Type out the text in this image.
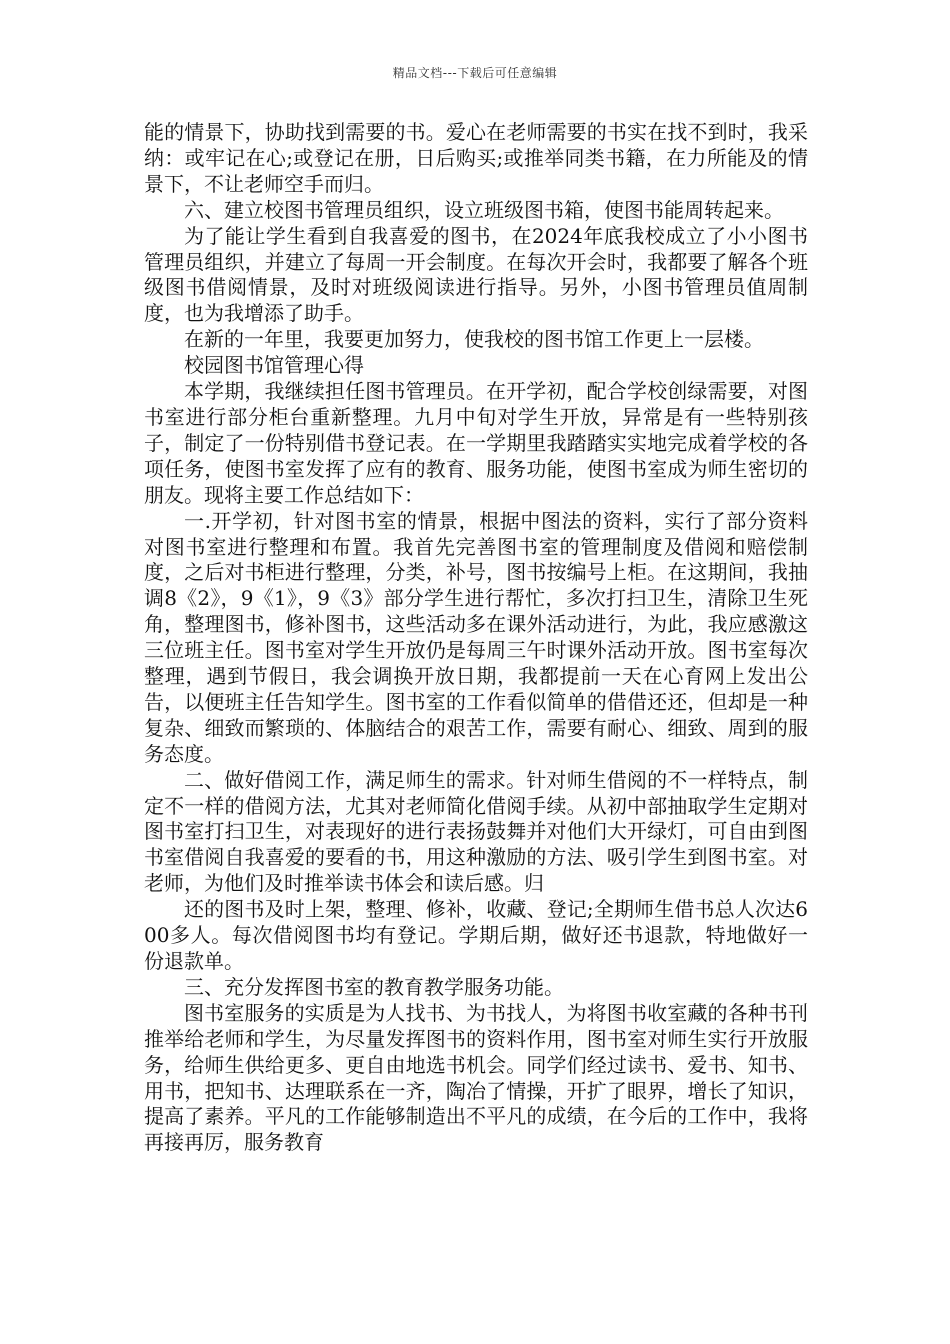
精品文档---下载后可任意编辑

能的情景下，协助找到需要的书。爱心在老师需要的书实在找不到时，我采纳：或牢记在心;或登记在册，日后购买;或推举同类书籍，在力所能及的情景下，不让老师空手而归。

六、建立校图书管理员组织，设立班级图书箱，使图书能周转起来。

为了能让学生看到自我喜爱的图书，在2024年底我校成立了小小图书管理员组织，并建立了每周一开会制度。在每次开会时，我都要了解各个班级图书借阅情景，及时对班级阅读进行指导。另外，小图书管理员值周制度，也为我增添了助手。

在新的一年里，我要更加努力，使我校的图书馆工作更上一层楼。

校园图书馆管理心得

本学期，我继续担任图书管理员。在开学初，配合学校创绿需要，对图书室进行部分柜台重新整理。九月中旬对学生开放，异常是有一些特别孩子，制定了一份特别借书登记表。在一学期里我踏踏实实地完成着学校的各项任务，使图书室发挥了应有的教育、服务功能，使图书室成为师生密切的朋友。现将主要工作总结如下：

一.开学初，针对图书室的情景，根据中图法的资料，实行了部分资料对图书室进行整理和布置。我首先完善图书室的管理制度及借阅和赔偿制度，之后对书柜进行整理，分类，补号，图书按编号上柜。在这期间，我抽调8《2》，9《1》，9《3》部分学生进行帮忙，多次打扫卫生，清除卫生死角，整理图书，修补图书，这些活动多在课外活动进行，为此，我应感激这三位班主任。图书室对学生开放仍是每周三午时课外活动开放。图书室每次整理，遇到节假日，我会调换开放日期，我都提前一天在心育网上发出公告，以便班主任告知学生。图书室的工作看似简单的借借还还，但却是一种复杂、细致而繁琐的、体脑结合的艰苦工作，需要有耐心、细致、周到的服务态度。

二、做好借阅工作，满足师生的需求。针对师生借阅的不一样特点，制定不一样的借阅方法，尤其对老师简化借阅手续。从初中部抽取学生定期对图书室打扫卫生，对表现好的进行表扬鼓舞并对他们大开绿灯，可自由到图书室借阅自我喜爱的要看的书，用这种激励的方法、吸引学生到图书室。对老师，为他们及时推举读书体会和读后感。归

还的图书及时上架，整理、修补，收藏、登记;全期师生借书总人次达600多人。每次借阅图书均有登记。学期后期，做好还书退款，特地做好一份退款单。

三、充分发挥图书室的教育教学服务功能。

图书室服务的实质是为人找书、为书找人，为将图书收室藏的各种书刊推举给老师和学生，为尽量发挥图书的资料作用，图书室对师生实行开放服务，给师生供给更多、更自由地选书机会。同学们经过读书、爱书、知书、用书，把知书、达理联系在一齐，陶冶了情操，开扩了眼界，增长了知识，提高了素养。平凡的工作能够制造出不平凡的成绩，在今后的工作中，我将再接再厉，服务教育
